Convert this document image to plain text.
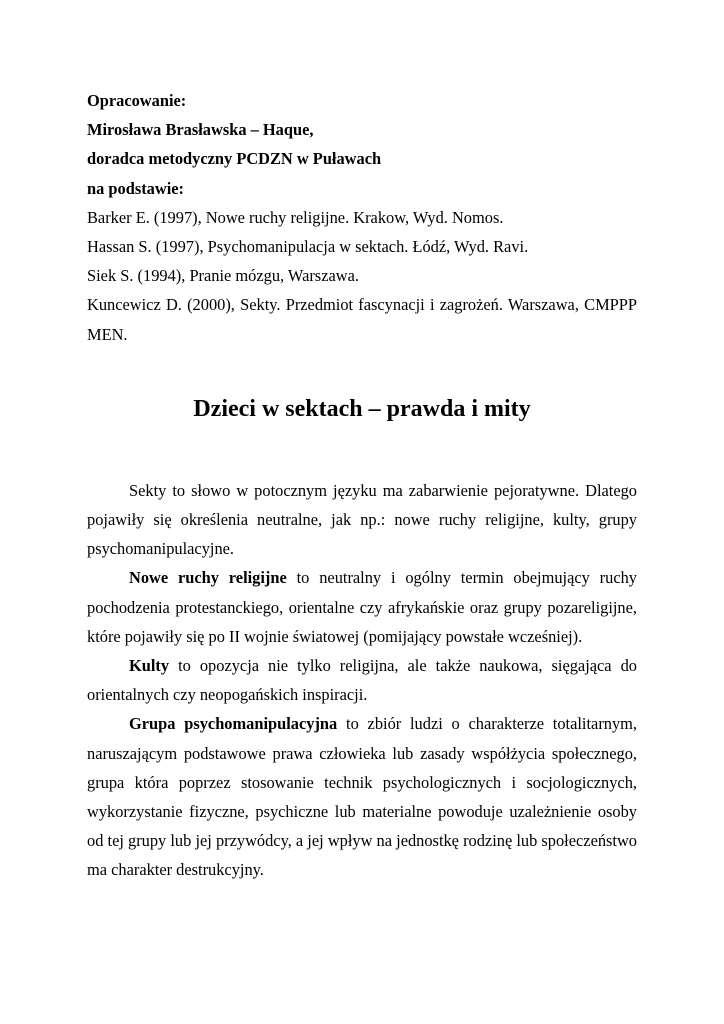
Opracowanie:

Mirosława Brasławska – Haque,

doradca metodyczny PCDZN w Puławach

na podstawie:

Barker E. (1997), Nowe ruchy religijne. Krakow, Wyd. Nomos.

Hassan S. (1997), Psychomanipulacja w sektach. Łódź, Wyd. Ravi.

Siek S. (1994), Pranie mózgu, Warszawa.

Kuncewicz D. (2000), Sekty. Przedmiot fascynacji i zagrożeń. Warszawa, CMPPP MEN.

Dzieci w sektach – prawda i mity

Sekty to słowo w potocznym języku ma zabarwienie pejoratywne. Dlatego pojawiły się określenia neutralne, jak np.: nowe ruchy religijne, kulty, grupy psychomanipulacyjne.

Nowe ruchy religijne to neutralny i ogólny termin obejmujący ruchy pochodzenia protestanckiego, orientalne czy afrykańskie oraz grupy pozareligijne, które pojawiły się po II wojnie światowej (pomijający powstałe wcześniej).

Kulty to opozycja nie tylko religijna, ale także naukowa, sięgająca do orientalnych czy neopogańskich inspiracji.

Grupa psychomanipulacyjna to zbiór ludzi o charakterze totalitarnym, naruszającym podstawowe prawa człowieka lub zasady współżycia społecznego, grupa która poprzez stosowanie technik psychologicznych i socjologicznych, wykorzystanie fizyczne, psychiczne lub materialne powoduje uzależnienie osoby od tej grupy lub jej przywódcy, a jej wpływ na jednostkę rodzinę lub społeczeństwo ma charakter destrukcyjny.
